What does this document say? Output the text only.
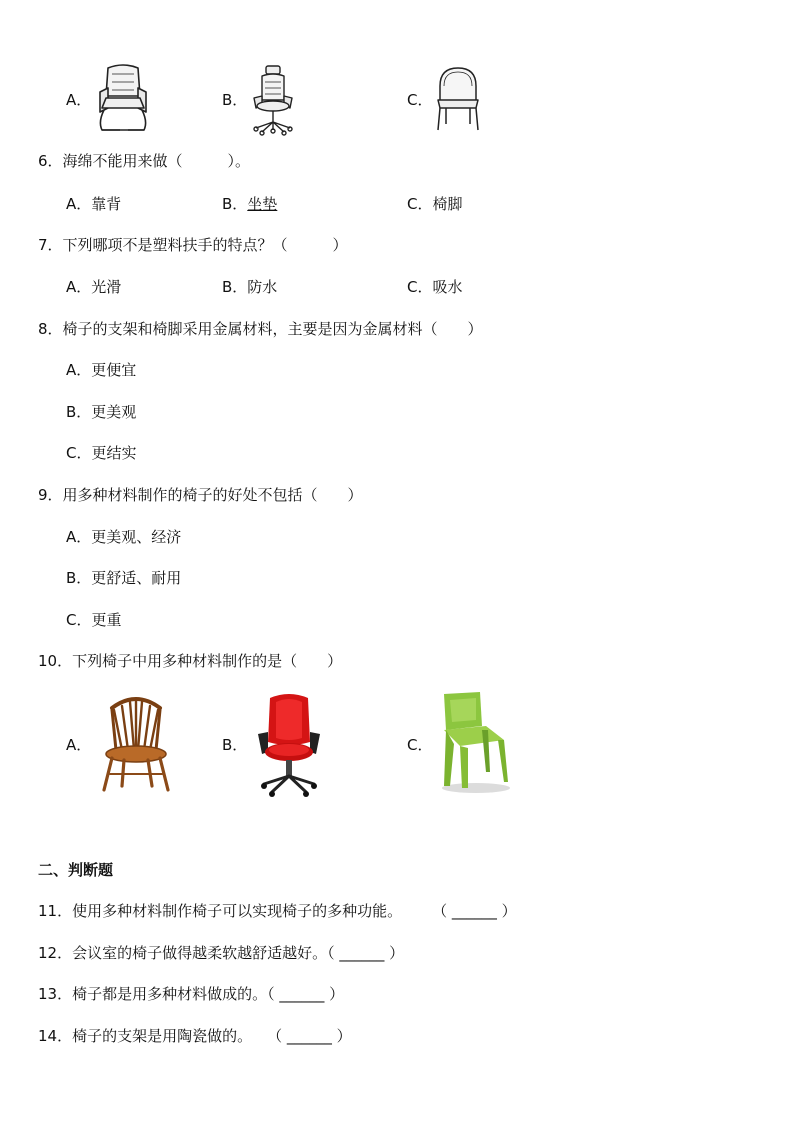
A．	B．	C．
6．海绵不能用来做（　　　）。
A．靠背	B．坐垫	C．椅脚
7．下列哪项不是塑料扶手的特点？（　　　）
A．光滑	B．防水	C．吸水
8．椅子的支架和椅脚采用金属材料，主要是因为金属材料（　　）
A．更便宜
B．更美观
C．更结实
9．用多种材料制作的椅子的好处不包括（　　）
A．更美观、经济
B．更舒适、耐用
C．更重
10．下列椅子中用多种材料制作的是（　　）
A．	B．	C．
二、判断题
11．使用多种材料制作椅子可以实现椅子的多种功能。　　　（ ______ ）
12．会议室的椅子做得越柔软越舒适越好。（ ______ ）
13．椅子都是用多种材料做成的。（ ______ ）
14．椅子的支架是用陶瓷做的。　　（ ______ ）
